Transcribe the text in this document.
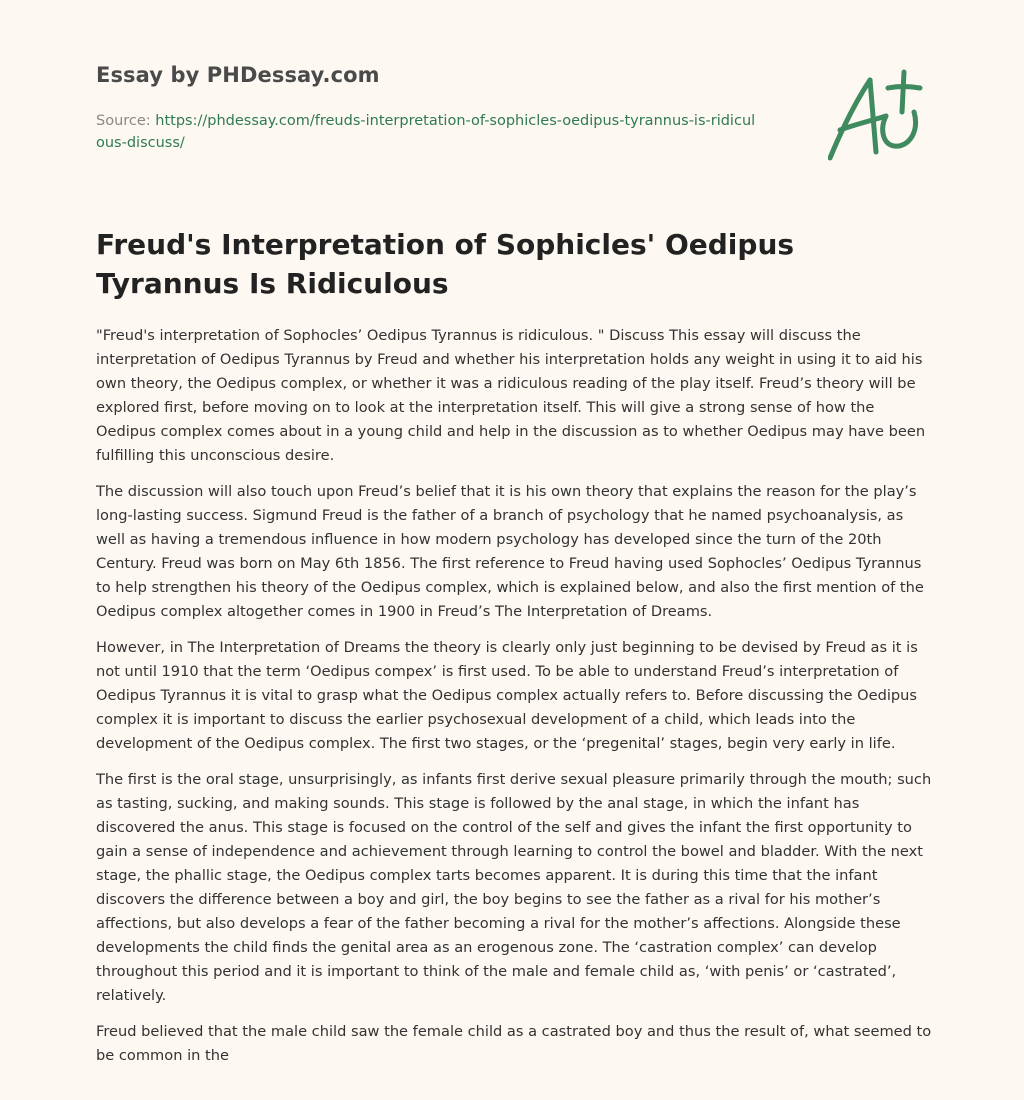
Essay by PHDessay.com
Source: https://phdessay.com/freuds-interpretation-of-sophicles-oedipus-tyrannus-is-ridiculous-discuss/
Freud's Interpretation of Sophicles' Oedipus Tyrannus Is Ridiculous

"Freud's interpretation of Sophocles’ Oedipus Tyrannus is ridiculous. " Discuss This essay will discuss the interpretation of Oedipus Tyrannus by Freud and whether his interpretation holds any weight in using it to aid his own theory, the Oedipus complex, or whether it was a ridiculous reading of the play itself. Freud’s theory will be explored first, before moving on to look at the interpretation itself. This will give a strong sense of how the Oedipus complex comes about in a young child and help in the discussion as to whether Oedipus may have been fulfilling this unconscious desire.

The discussion will also touch upon Freud’s belief that it is his own theory that explains the reason for the play’s long-lasting success. Sigmund Freud is the father of a branch of psychology that he named psychoanalysis, as well as having a tremendous influence in how modern psychology has developed since the turn of the 20th Century. Freud was born on May 6th 1856. The first reference to Freud having used Sophocles’ Oedipus Tyrannus to help strengthen his theory of the Oedipus complex, which is explained below, and also the first mention of the Oedipus complex altogether comes in 1900 in Freud’s The Interpretation of Dreams.

However, in The Interpretation of Dreams the theory is clearly only just beginning to be devised by Freud as it is not until 1910 that the term ‘Oedipus compex’ is first used. To be able to understand Freud’s interpretation of Oedipus Tyrannus it is vital to grasp what the Oedipus complex actually refers to. Before discussing the Oedipus complex it is important to discuss the earlier psychosexual development of a child, which leads into the development of the Oedipus complex. The first two stages, or the ‘pregenital’ stages, begin very early in life.

The first is the oral stage, unsurprisingly, as infants first derive sexual pleasure primarily through the mouth; such as tasting, sucking, and making sounds. This stage is followed by the anal stage, in which the infant has discovered the anus. This stage is focused on the control of the self and gives the infant the first opportunity to gain a sense of independence and achievement through learning to control the bowel and bladder. With the next stage, the phallic stage, the Oedipus complex tarts becomes apparent. It is during this time that the infant discovers the difference between a boy and girl, the boy begins to see the father as a rival for his mother’s affections, but also develops a fear of the father becoming a rival for the mother’s affections. Alongside these developments the child finds the genital area as an erogenous zone. The ‘castration complex’ can develop throughout this period and it is important to think of the male and female child as, ‘with penis’ or ‘castrated’, relatively.

Freud believed that the male child saw the female child as a castrated boy and thus the result of, what seemed to be common in the
